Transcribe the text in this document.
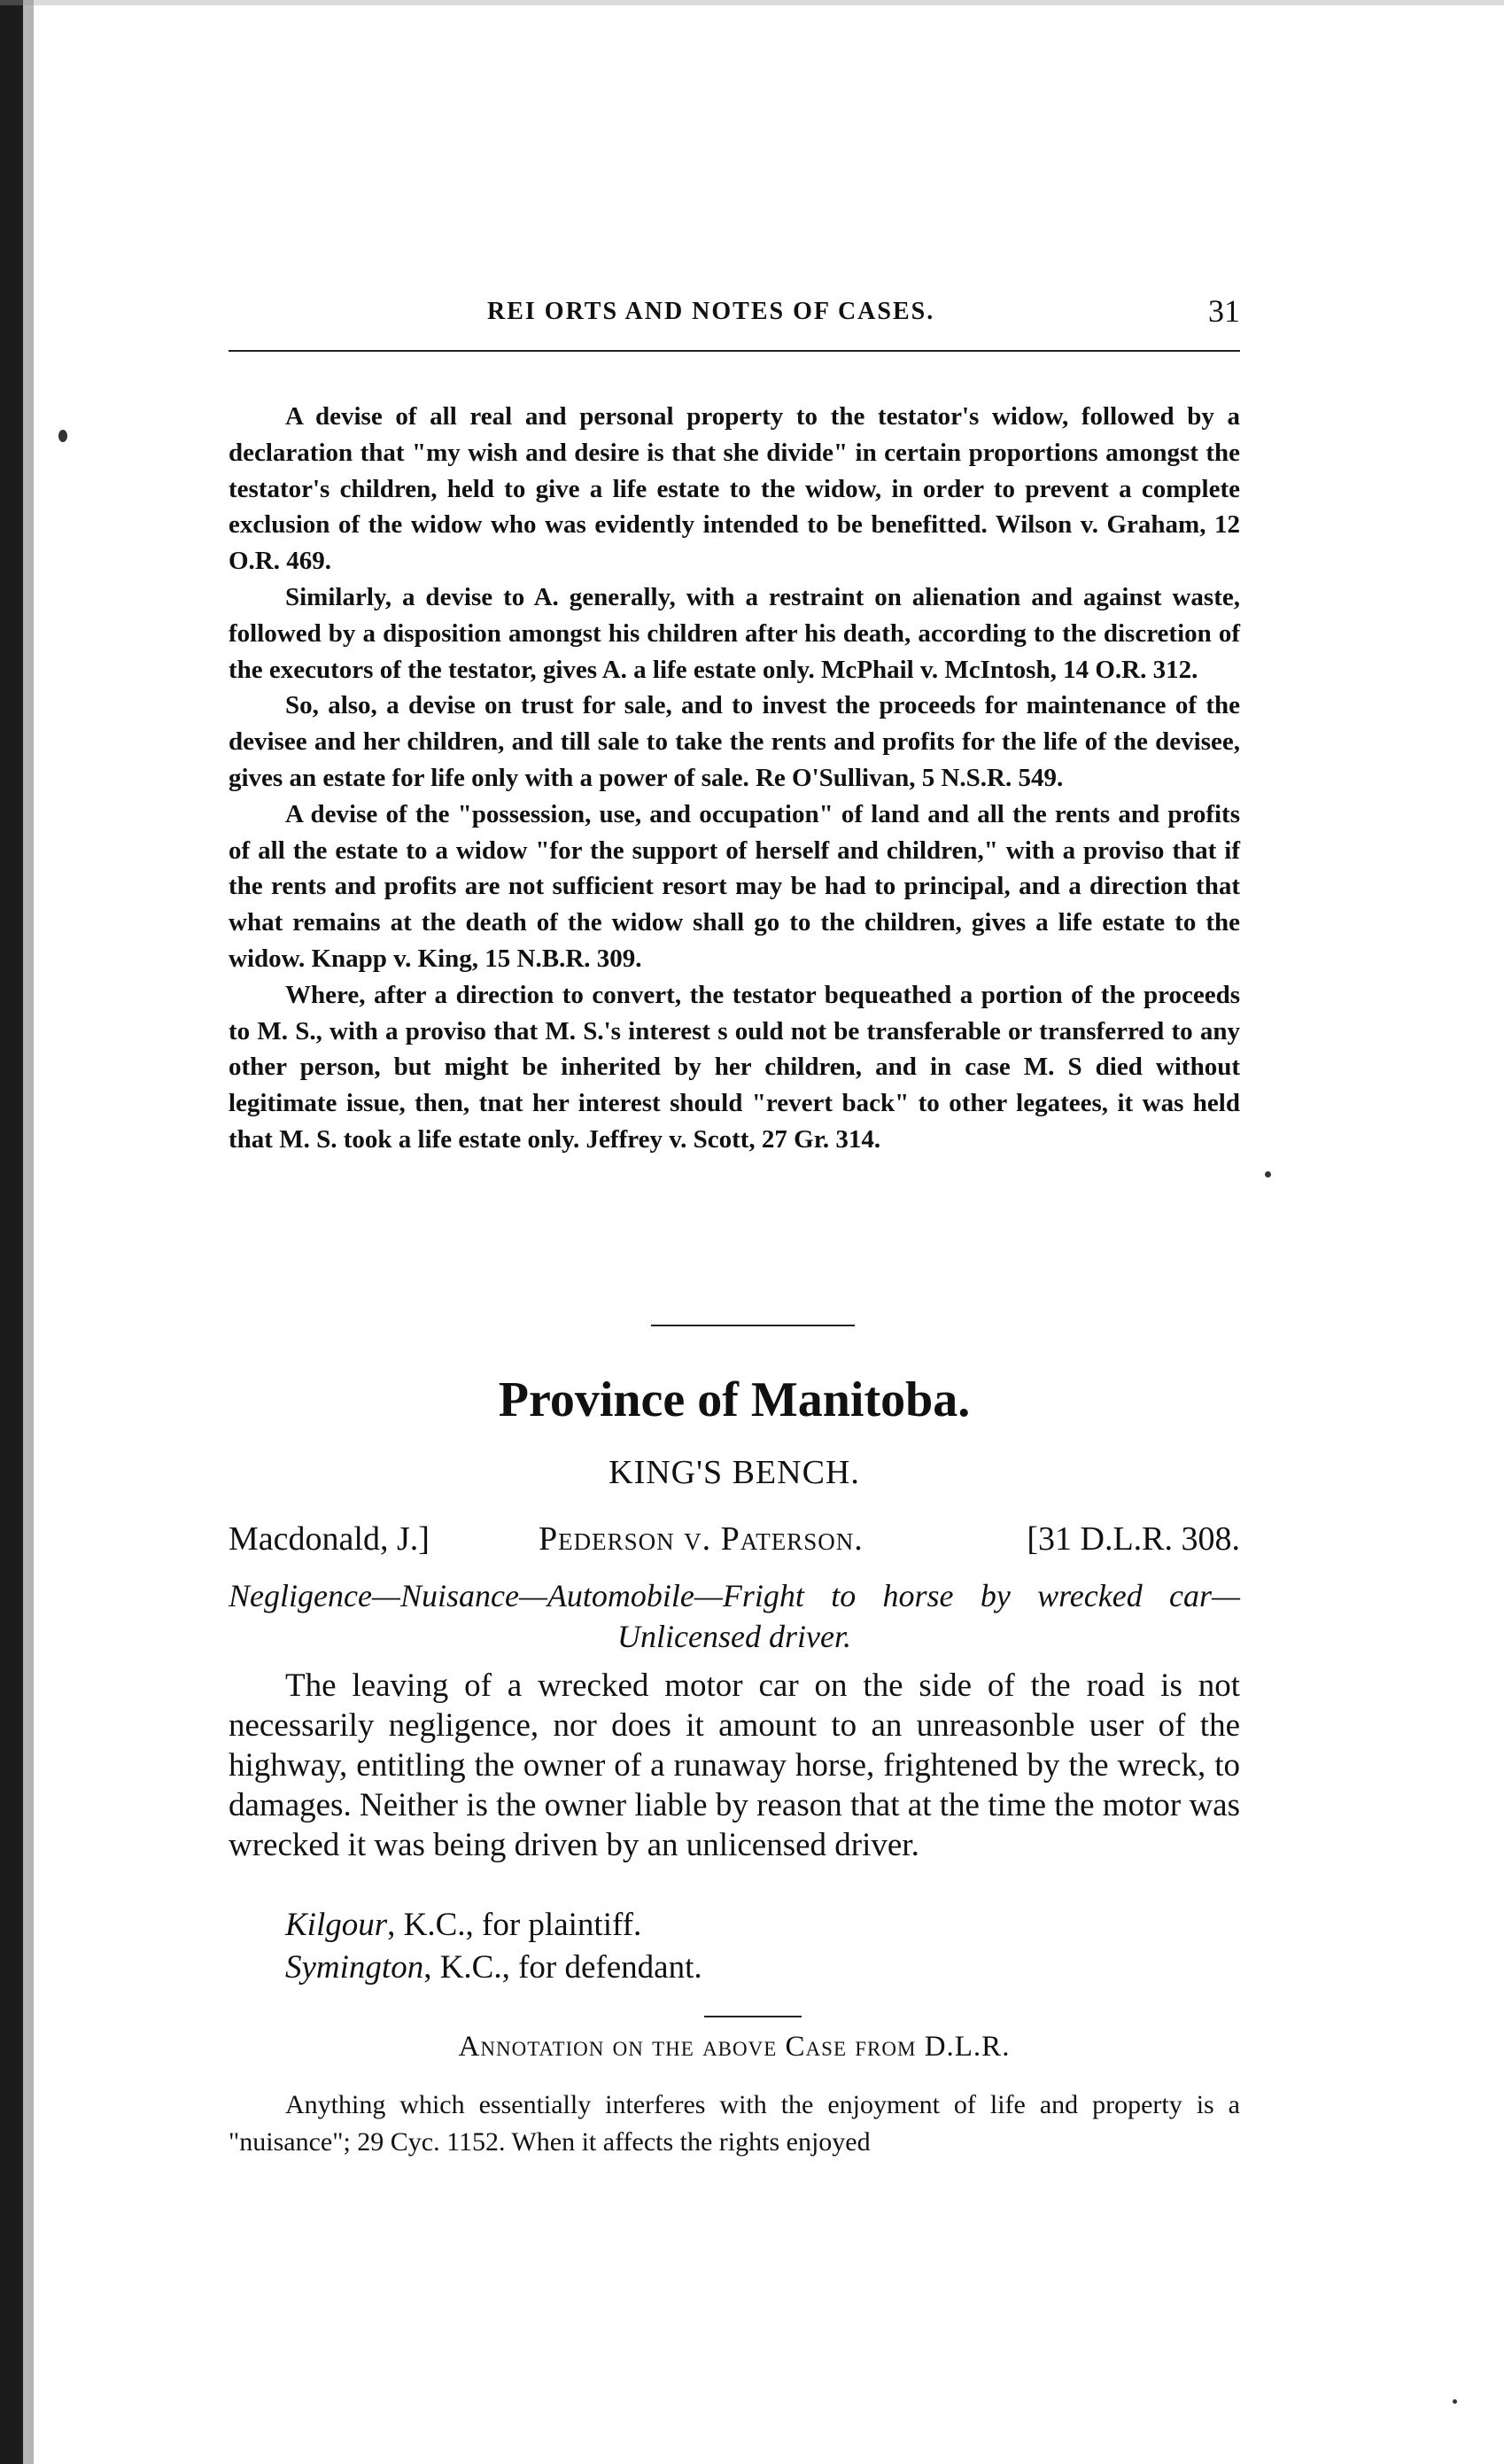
REI ORTS AND NOTES OF CASES.	31

A devise of all real and personal property to the testator's widow, followed by a declaration that "my wish and desire is that she divide" in certain proportions amongst the testator's children, held to give a life estate to the widow, in order to prevent a complete exclusion of the widow who was evidently intended to be benefitted. Wilson v. Graham, 12 O.R. 469.

Similarly, a devise to A. generally, with a restraint on alienation and against waste, followed by a disposition amongst his children after his death, according to the discretion of the executors of the testator, gives A. a life estate only. McPhail v. McIntosh, 14 O.R. 312.

So, also, a devise on trust for sale, and to invest the proceeds for maintenance of the devisee and her children, and till sale to take the rents and profits for the life of the devisee, gives an estate for life only with a power of sale. Re O'Sullivan, 5 N.S.R. 549.

A devise of the "possession, use, and occupation" of land and all the rents and profits of all the estate to a widow "for the support of herself and children," with a proviso that if the rents and profits are not sufficient resort may be had to principal, and a direction that what remains at the death of the widow shall go to the children, gives a life estate to the widow. Knapp v. King, 15 N.B.R. 309.

Where, after a direction to convert, the testator bequeathed a portion of the proceeds to M. S., with a proviso that M. S.'s interest s ould not be transferable or transferred to any other person, but might be inherited by her children, and in case M. S died without legitimate issue, then, tnat her interest should "revert back" to other legatees, it was held that M. S. took a life estate only. Jeffrey v. Scott, 27 Gr. 314.

Province of Manitoba.
KING'S BENCH.
Macdonald, J.]	Pederson v. Paterson.	[31 D.L.R. 308.
Negligence—Nuisance—Automobile—Fright to horse by wrecked car—Unlicensed driver.

The leaving of a wrecked motor car on the side of the road is not necessarily negligence, nor does it amount to an unreasonble user of the highway, entitling the owner of a runaway horse, frightened by the wreck, to damages. Neither is the owner liable by reason that at the time the motor was wrecked it was being driven by an unlicensed driver.

Kilgour, K.C., for plaintiff.
Symington, K.C., for defendant.
Annotation on the above Case from D.L.R.

Anything which essentially interferes with the enjoyment of life and property is a "nuisance"; 29 Cyc. 1152. When it affects the rights enjoyed
